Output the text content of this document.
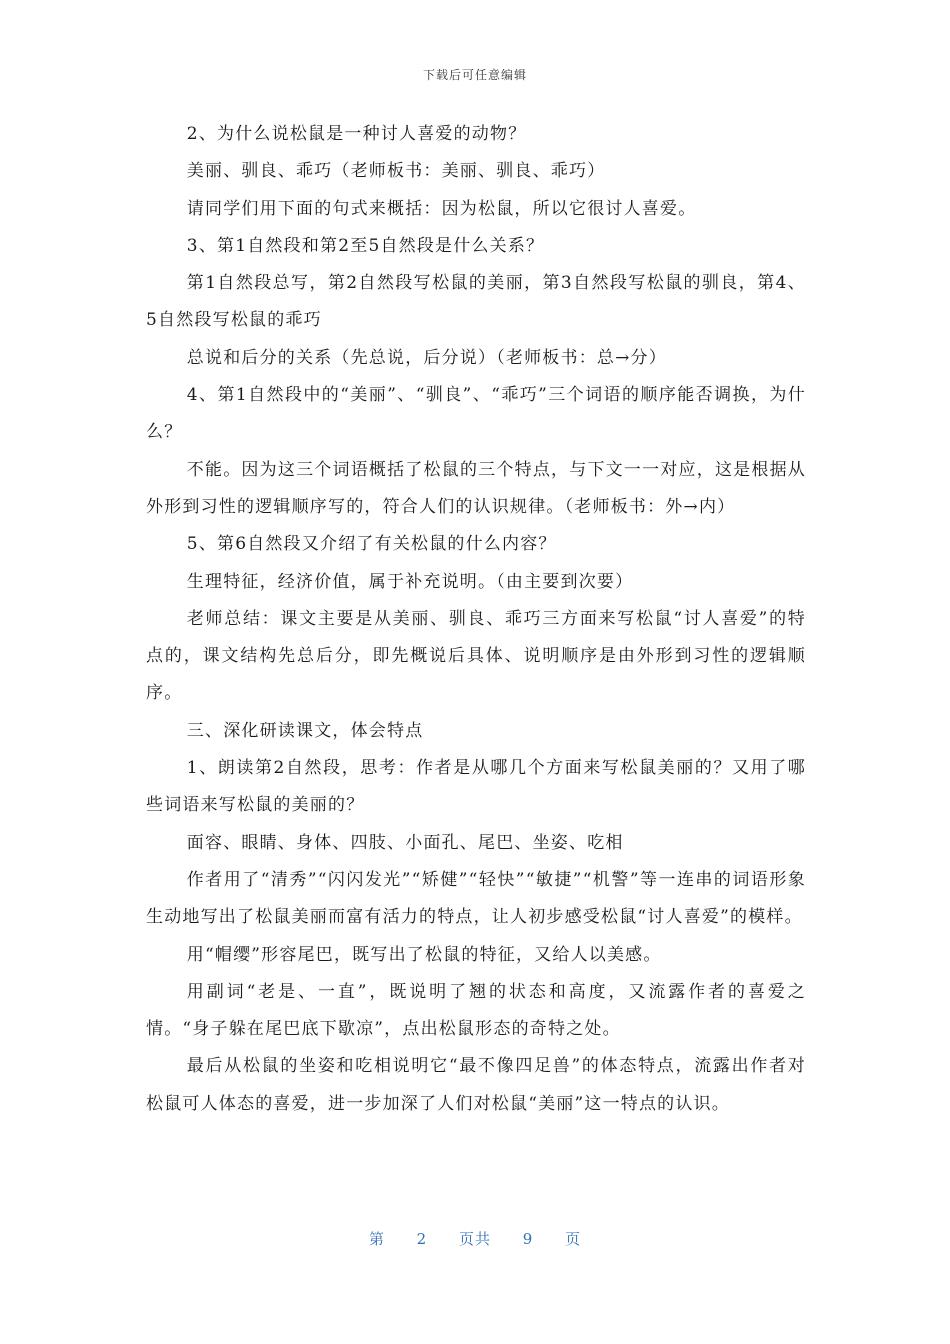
下载后可任意编辑

2、为什么说松鼠是一种讨人喜爱的动物？

美丽、驯良、乖巧（老师板书：美丽、驯良、乖巧）

请同学们用下面的句式来概括：因为松鼠，所以它很讨人喜爱。

3、第1自然段和第2至5自然段是什么关系？

第1自然段总写，第2自然段写松鼠的美丽，第3自然段写松鼠的驯良，第4、5自然段写松鼠的乖巧

总说和后分的关系（先总说，后分说）（老师板书：总→分）

4、第1自然段中的“美丽”、“驯良”、“乖巧”三个词语的顺序能否调换，为什么？

不能。因为这三个词语概括了松鼠的三个特点，与下文一一对应，这是根据从外形到习性的逻辑顺序写的，符合人们的认识规律。（老师板书：外→内）

5、第6自然段又介绍了有关松鼠的什么内容？

生理特征，经济价值，属于补充说明。（由主要到次要）

老师总结：课文主要是从美丽、驯良、乖巧三方面来写松鼠“讨人喜爱”的特点的，课文结构先总后分，即先概说后具体、说明顺序是由外形到习性的逻辑顺序。

三、深化研读课文，体会特点

1、朗读第2自然段，思考：作者是从哪几个方面来写松鼠美丽的？又用了哪些词语来写松鼠的美丽的？

面容、眼睛、身体、四肢、小面孔、尾巴、坐姿、吃相

作者用了“清秀”“闪闪发光”“矫健”“轻快”“敏捷”“机警”等一连串的词语形象生动地写出了松鼠美丽而富有活力的特点，让人初步感受松鼠“讨人喜爱”的模样。

用“帽缨”形容尾巴，既写出了松鼠的特征，又给人以美感。

用副词“老是、一直”，既说明了翘的状态和高度，又流露作者的喜爱之情。“身子躲在尾巴底下歇凉”，点出松鼠形态的奇特之处。

最后从松鼠的坐姿和吃相说明它“最不像四足兽”的体态特点，流露出作者对松鼠可人体态的喜爱，进一步加深了人们对松鼠“美丽”这一特点的认识。

第 2 页共 9 页
